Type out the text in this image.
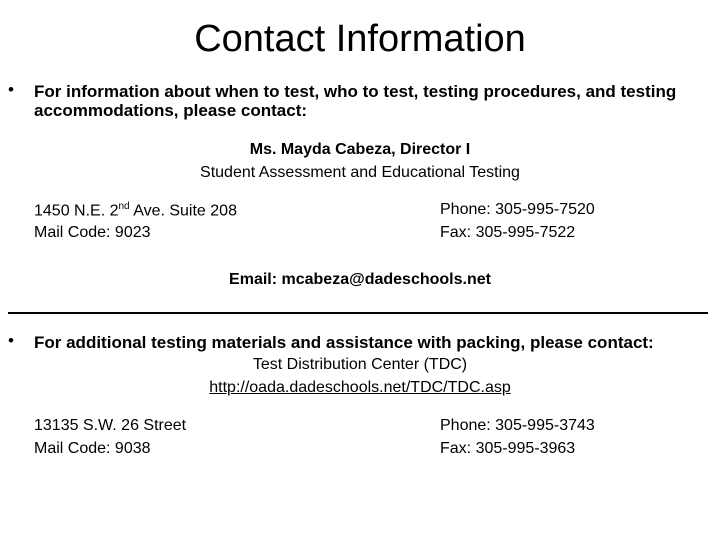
Contact Information
• For information about when to test, who to test, testing procedures, and testing
accommodations, please contact:
Ms. Mayda Cabeza, Director I
Student Assessment and Educational Testing
1450 N.E. 2nd Ave. Suite 208
Mail Code: 9023
Phone: 305-995-7520
Fax: 305-995-7522
Email: mcabeza@dadeschools.net
• For additional testing materials and assistance with packing, please contact:
Test Distribution Center (TDC)
http://oada.dadeschools.net/TDC/TDC.asp
13135 S.W. 26 Street
Mail Code: 9038
Phone: 305-995-3743
Fax: 305-995-3963
